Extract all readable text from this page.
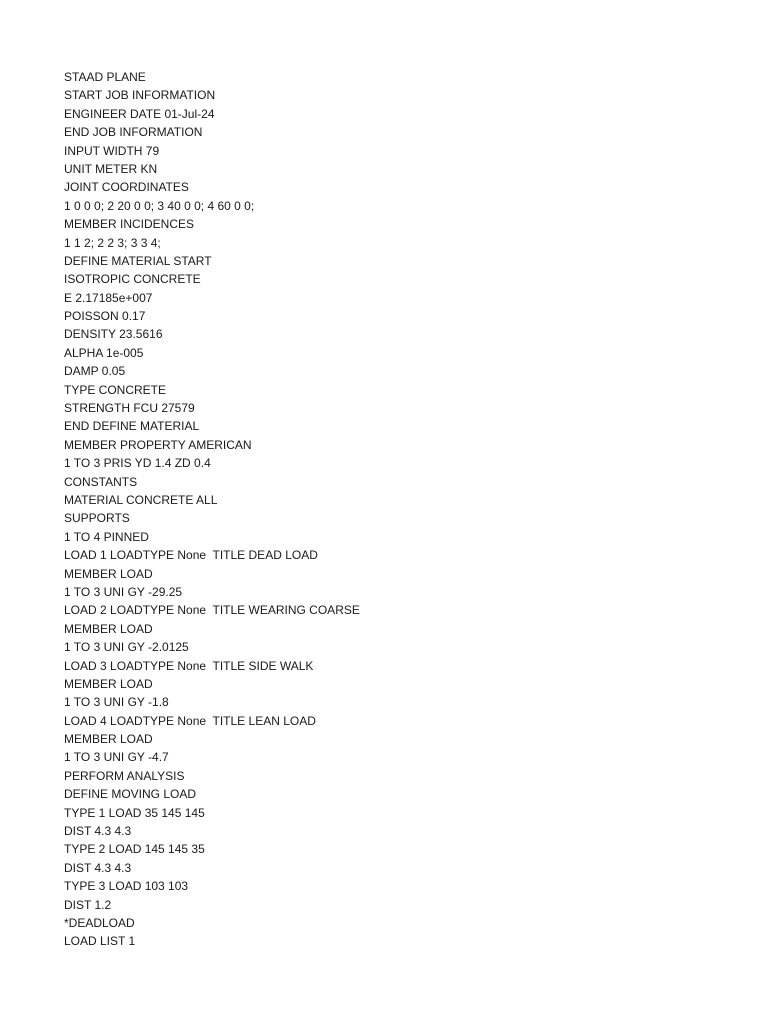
STAAD PLANE
START JOB INFORMATION
ENGINEER DATE 01-Jul-24
END JOB INFORMATION
INPUT WIDTH 79
UNIT METER KN
JOINT COORDINATES
1 0 0 0; 2 20 0 0; 3 40 0 0; 4 60 0 0;
MEMBER INCIDENCES
1 1 2; 2 2 3; 3 3 4;
DEFINE MATERIAL START
ISOTROPIC CONCRETE
E 2.17185e+007
POISSON 0.17
DENSITY 23.5616
ALPHA 1e-005
DAMP 0.05
TYPE CONCRETE
STRENGTH FCU 27579
END DEFINE MATERIAL
MEMBER PROPERTY AMERICAN
1 TO 3 PRIS YD 1.4 ZD 0.4
CONSTANTS
MATERIAL CONCRETE ALL
SUPPORTS
1 TO 4 PINNED
LOAD 1 LOADTYPE None  TITLE DEAD LOAD
MEMBER LOAD
1 TO 3 UNI GY -29.25
LOAD 2 LOADTYPE None  TITLE WEARING COARSE
MEMBER LOAD
1 TO 3 UNI GY -2.0125
LOAD 3 LOADTYPE None  TITLE SIDE WALK
MEMBER LOAD
1 TO 3 UNI GY -1.8
LOAD 4 LOADTYPE None  TITLE LEAN LOAD
MEMBER LOAD
1 TO 3 UNI GY -4.7
PERFORM ANALYSIS
DEFINE MOVING LOAD
TYPE 1 LOAD 35 145 145
DIST 4.3 4.3
TYPE 2 LOAD 145 145 35
DIST 4.3 4.3
TYPE 3 LOAD 103 103
DIST 1.2
*DEADLOAD
LOAD LIST 1
